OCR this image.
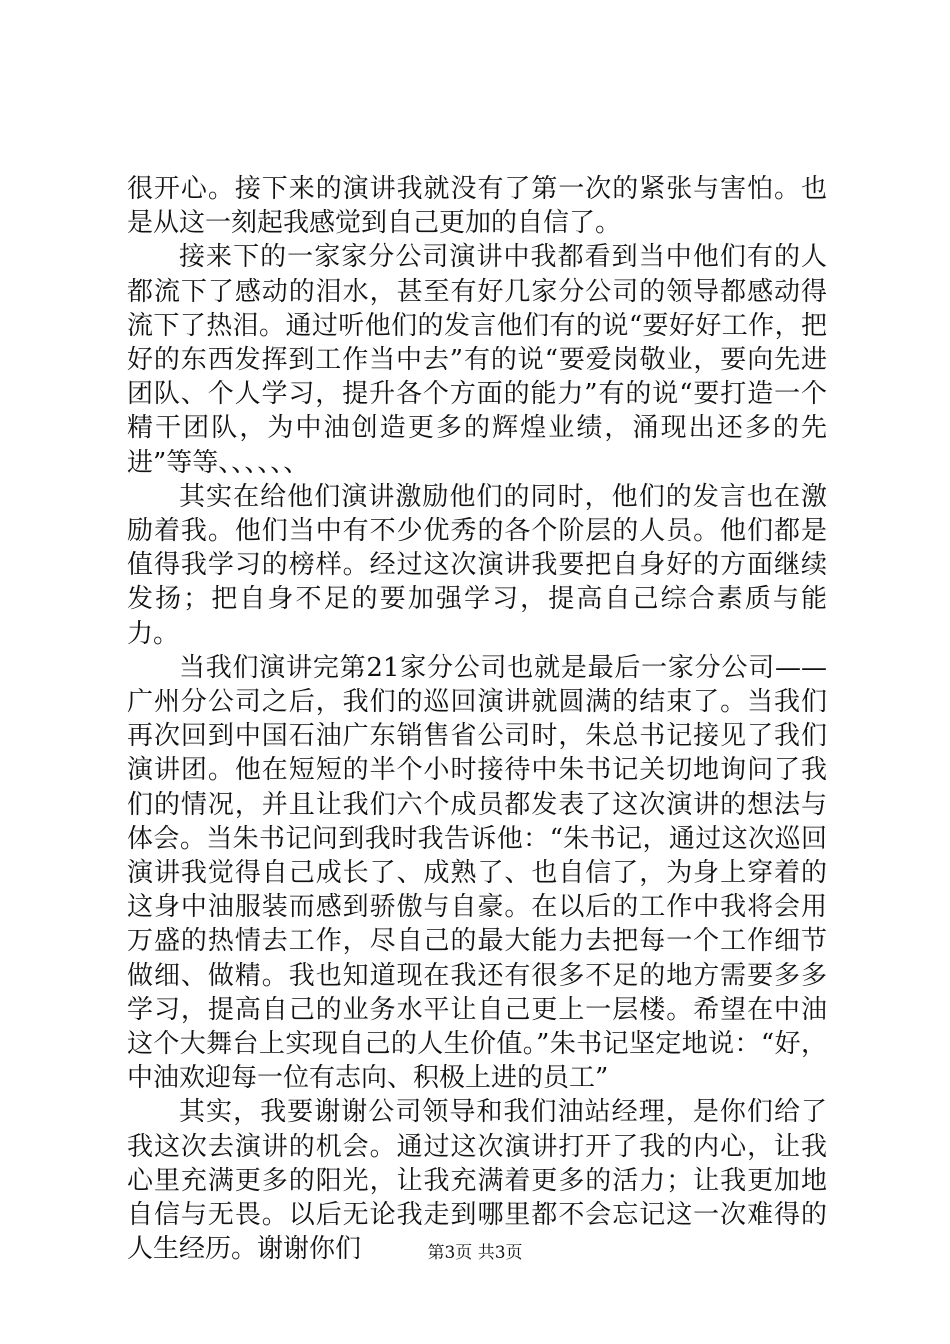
很开心。接下来的演讲我就没有了第一次的紧张与害怕。也是从这一刻起我感觉到自己更加的自信了。

接来下的一家家分公司演讲中我都看到当中他们有的人都流下了感动的泪水，甚至有好几家分公司的领导都感动得流下了热泪。通过听他们的发言他们有的说“要好好工作，把好的东西发挥到工作当中去”有的说“要爱岗敬业，要向先进团队、个人学习，提升各个方面的能力”有的说“要打造一个精干团队，为中油创造更多的辉煌业绩，涌现出还多的先进”等等、、、、、、

其实在给他们演讲激励他们的同时，他们的发言也在激励着我。他们当中有不少优秀的各个阶层的人员。他们都是值得我学习的榜样。经过这次演讲我要把自身好的方面继续发扬；把自身不足的要加强学习，提高自己综合素质与能力。

当我们演讲完第21家分公司也就是最后一家分公司——广州分公司之后，我们的巡回演讲就圆满的结束了。当我们再次回到中国石油广东销售省公司时，朱总书记接见了我们演讲团。他在短短的半个小时接待中朱书记关切地询问了我们的情况，并且让我们六个成员都发表了这次演讲的想法与体会。当朱书记问到我时我告诉他：“朱书记，通过这次巡回演讲我觉得自己成长了、成熟了、也自信了，为身上穿着的这身中油服装而感到骄傲与自豪。在以后的工作中我将会用万盛的热情去工作，尽自己的最大能力去把每一个工作细节做细、做精。我也知道现在我还有很多不足的地方需要多多学习，提高自己的业务水平让自己更上一层楼。希望在中油这个大舞台上实现自己的人生价值。”朱书记坚定地说：“好，中油欢迎每一位有志向、积极上进的员工”

其实，我要谢谢公司领导和我们油站经理，是你们给了我这次去演讲的机会。通过这次演讲打开了我的内心，让我心里充满更多的阳光，让我充满着更多的活力；让我更加地自信与无畏。以后无论我走到哪里都不会忘记这一次难得的人生经历。谢谢你们	第3页 共3页
